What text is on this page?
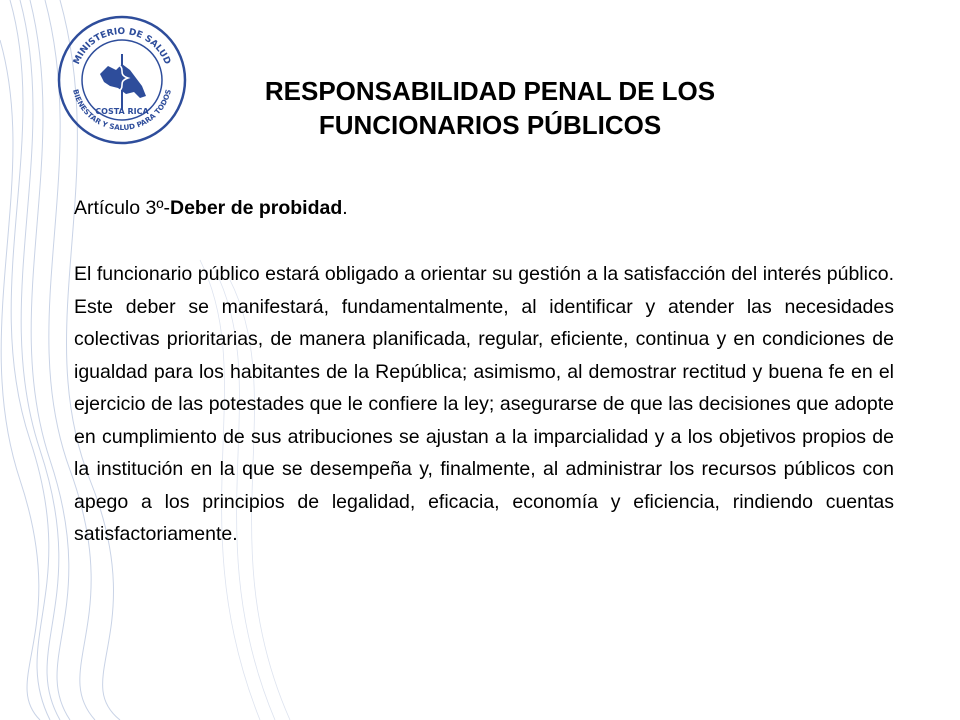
MINISTERIO DE SALUD
BIENESTAR Y SALUD PARA TODOS
COSTA RICA
RESPONSABILIDAD PENAL DE LOS
FUNCIONARIOS PÚBLICOS

Artículo 3º-Deber de probidad.

El funcionario público estará obligado a orientar su gestión a la satisfacción del interés público. Este deber se manifestará, fundamentalmente, al identificar y atender las necesidades colectivas prioritarias, de manera planificada, regular, eficiente, continua y en condiciones de igualdad para los habitantes de la República; asimismo, al demostrar rectitud y buena fe en el ejercicio de las potestades que le confiere la ley; asegurarse de que las decisiones que adopte en cumplimiento de sus atribuciones se ajustan a la imparcialidad y a los objetivos propios de la institución en la que se desempeña y, finalmente, al administrar los recursos públicos con apego a los principios de legalidad, eficacia, economía y eficiencia, rindiendo cuentas satisfactoriamente.
